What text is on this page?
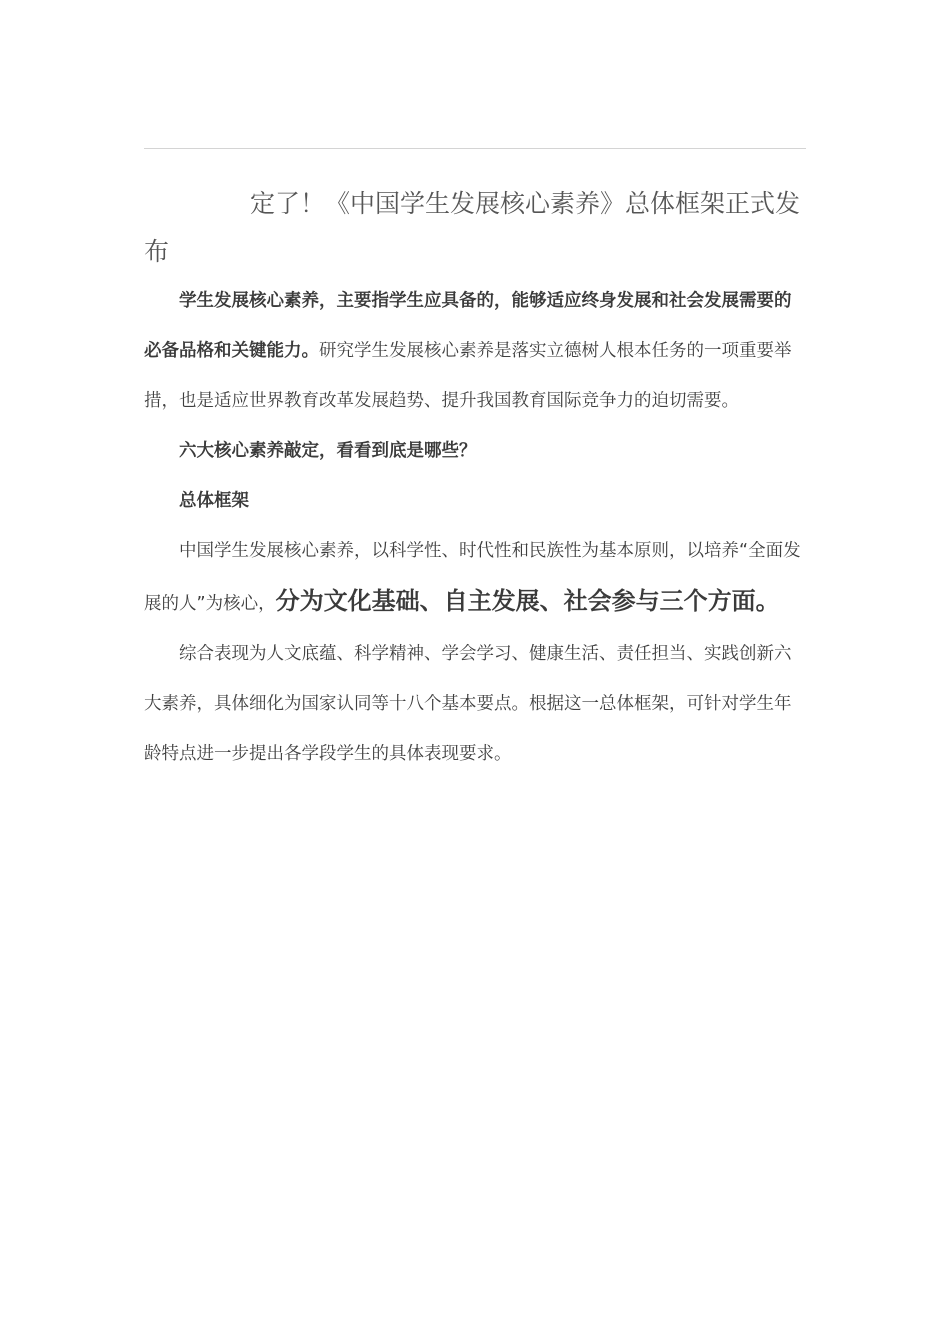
定了！《中国学生发展核心素养》总体框架正式发布

学生发展核心素养，主要指学生应具备的，能够适应终身发展和社会发展需要的必备品格和关键能力。研究学生发展核心素养是落实立德树人根本任务的一项重要举措，也是适应世界教育改革发展趋势、提升我国教育国际竞争力的迫切需要。

六大核心素养敲定，看看到底是哪些？

总体框架

中国学生发展核心素养，以科学性、时代性和民族性为基本原则，以培养“全面发展的人”为核心，分为文化基础、自主发展、社会参与三个方面。

综合表现为人文底蕴、科学精神、学会学习、健康生活、责任担当、实践创新六大素养，具体细化为国家认同等十八个基本要点。根据这一总体框架，可针对学生年龄特点进一步提出各学段学生的具体表现要求。
